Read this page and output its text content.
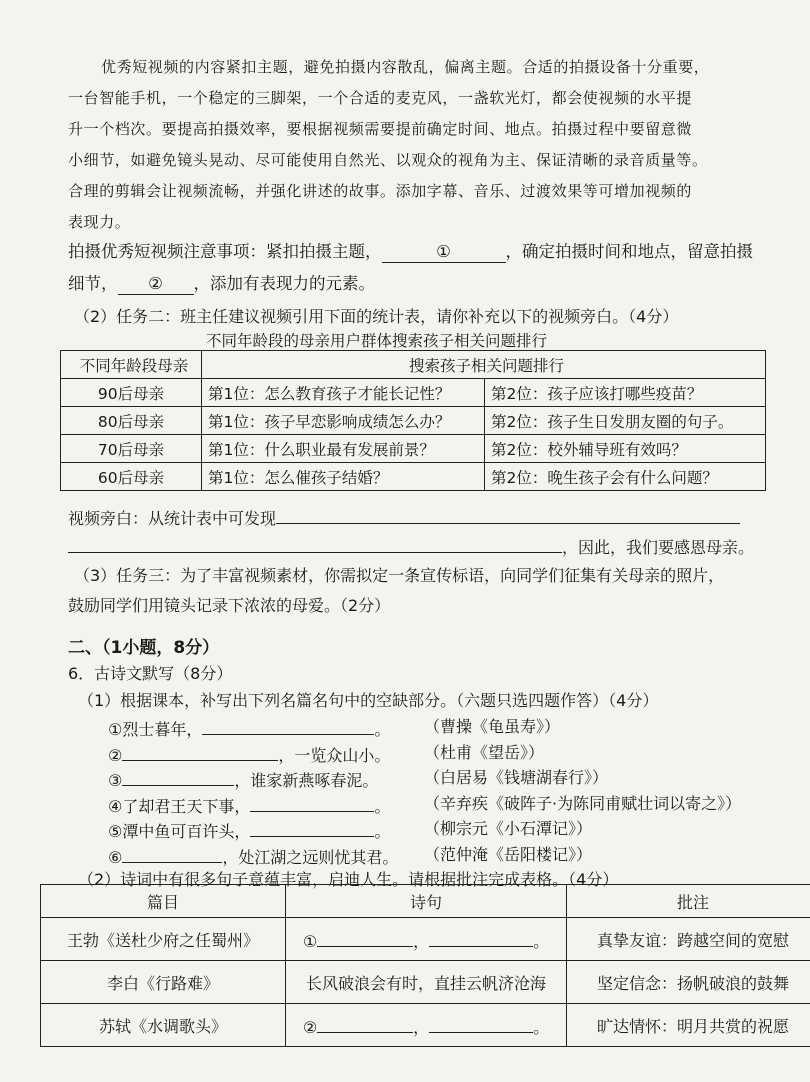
优秀短视频的内容紧扣主题，避免拍摄内容散乱，偏离主题。合适的拍摄设备十分重要，

一台智能手机，一个稳定的三脚架，一个合适的麦克风，一盏软光灯，都会使视频的水平提

升一个档次。要提高拍摄效率，要根据视频需要提前确定时间、地点。拍摄过程中要留意微

小细节，如避免镜头晃动、尽可能使用自然光、以观众的视角为主、保证清晰的录音质量等。

合理的剪辑会让视频流畅，并强化讲述的故事。添加字幕、音乐、过渡效果等可增加视频的

表现力。

拍摄优秀短视频注意事项：紧扣拍摄主题，	①	，确定拍摄时间和地点，留意拍摄
细节， ② ，添加有表现力的元素。
（2）任务二：班主任建议视频引用下面的统计表，请你补充以下的视频旁白。（4分）
不同年龄段的母亲用户群体搜索孩子相关问题排行
不同年龄段母亲	搜索孩子相关问题排行	
90后母亲	第1位：怎么教育孩子才能长记性？	第2位：孩子应该打哪些疫苗？
80后母亲	第1位：孩子早恋影响成绩怎么办？	第2位：孩子生日发朋友圈的句子。
70后母亲	第1位：什么职业最有发展前景？	第2位：校外辅导班有效吗？
60后母亲	第1位：怎么催孩子结婚？	第2位：晚生孩子会有什么问题？
视频旁白：从统计表中可发现
，因此，我们要感恩母亲。
（3）任务三：为了丰富视频素材，你需拟定一条宣传标语，向同学们征集有关母亲的照片，
鼓励同学们用镜头记录下浓浓的母爱。（2分）
二、（1小题，8分）
6．古诗文默写（8分）
（1）根据课本，补写出下列名篇名句中的空缺部分。（六题只选四题作答）（4分）
①烈士暮年，	。 （曹操《龟虽寿》）
②	，一览众山小。 （杜甫《望岳》）
③	，谁家新燕啄春泥。	（白居易《钱塘湖春行》）
④了却君王天下事，	。 （辛弃疾《破阵子·为陈同甫赋壮词以寄之》）
⑤潭中鱼可百许头，	。 （柳宗元《小石潭记》）
⑥	，处江湖之远则忧其君。 （范仲淹《岳阳楼记》）
（2）诗词中有很多句子意蕴丰富，启迪人生。请根据批注完成表格。（4分）
篇目	诗句	批注
王勃《送杜少府之任蜀州》	① ， 。	真挚友谊：跨越空间的宽慰
李白《行路难》	长风破浪会有时，直挂云帆济沧海	坚定信念：扬帆破浪的鼓舞
苏轼《水调歌头》	② ， 。	旷达情怀：明月共赏的祝愿
